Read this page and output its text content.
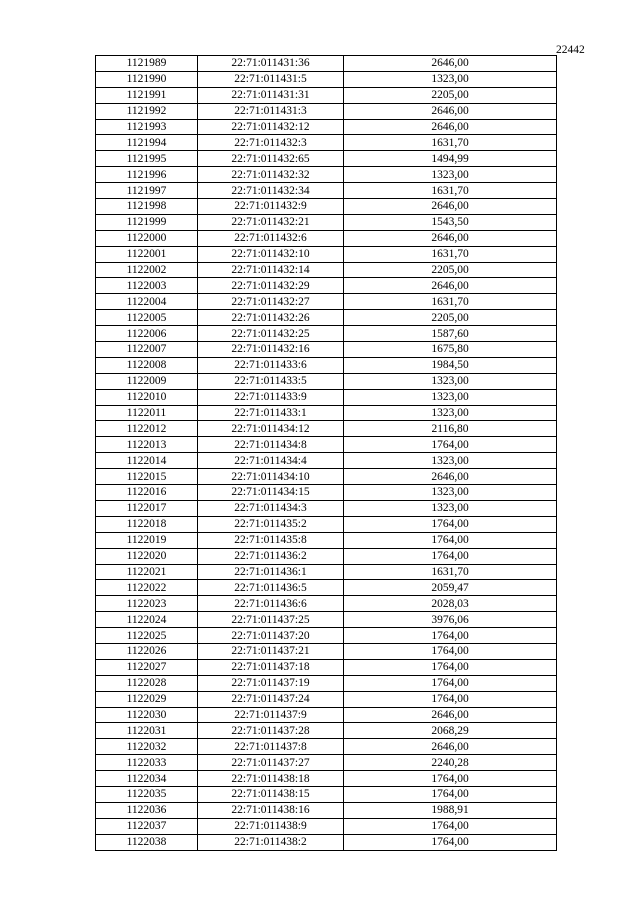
22442
1121989	22:71:011431:36	2646,00
1121990	22:71:011431:5	1323,00
1121991	22:71:011431:31	2205,00
1121992	22:71:011431:3	2646,00
1121993	22:71:011432:12	2646,00
1121994	22:71:011432:3	1631,70
1121995	22:71:011432:65	1494,99
1121996	22:71:011432:32	1323,00
1121997	22:71:011432:34	1631,70
1121998	22:71:011432:9	2646,00
1121999	22:71:011432:21	1543,50
1122000	22:71:011432:6	2646,00
1122001	22:71:011432:10	1631,70
1122002	22:71:011432:14	2205,00
1122003	22:71:011432:29	2646,00
1122004	22:71:011432:27	1631,70
1122005	22:71:011432:26	2205,00
1122006	22:71:011432:25	1587,60
1122007	22:71:011432:16	1675,80
1122008	22:71:011433:6	1984,50
1122009	22:71:011433:5	1323,00
1122010	22:71:011433:9	1323,00
1122011	22:71:011433:1	1323,00
1122012	22:71:011434:12	2116,80
1122013	22:71:011434:8	1764,00
1122014	22:71:011434:4	1323,00
1122015	22:71:011434:10	2646,00
1122016	22:71:011434:15	1323,00
1122017	22:71:011434:3	1323,00
1122018	22:71:011435:2	1764,00
1122019	22:71:011435:8	1764,00
1122020	22:71:011436:2	1764,00
1122021	22:71:011436:1	1631,70
1122022	22:71:011436:5	2059,47
1122023	22:71:011436:6	2028,03
1122024	22:71:011437:25	3976,06
1122025	22:71:011437:20	1764,00
1122026	22:71:011437:21	1764,00
1122027	22:71:011437:18	1764,00
1122028	22:71:011437:19	1764,00
1122029	22:71:011437:24	1764,00
1122030	22:71:011437:9	2646,00
1122031	22:71:011437:28	2068,29
1122032	22:71:011437:8	2646,00
1122033	22:71:011437:27	2240,28
1122034	22:71:011438:18	1764,00
1122035	22:71:011438:15	1764,00
1122036	22:71:011438:16	1988,91
1122037	22:71:011438:9	1764,00
1122038	22:71:011438:2	1764,00
